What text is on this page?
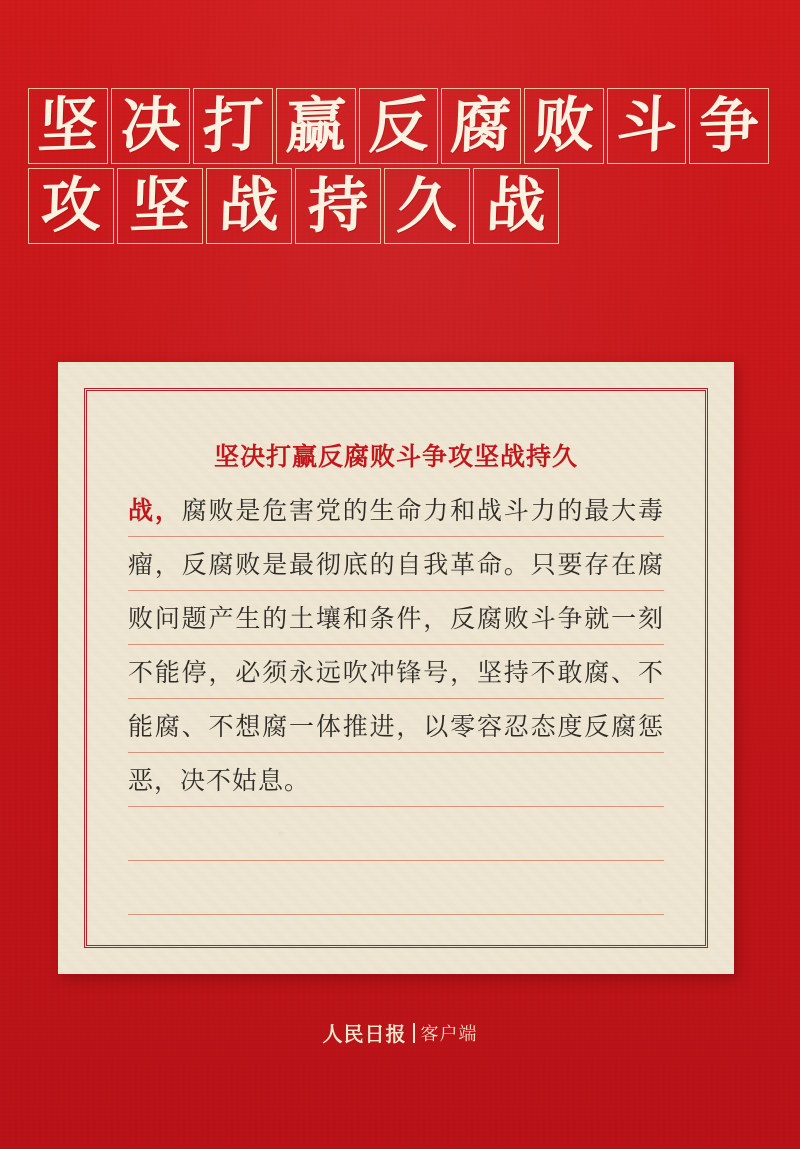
坚 决 打 赢 反 腐 败 斗 争
攻 坚 战 持 久 战
坚决打赢反腐败斗争攻坚战持久
战，腐败是危害党的生命力和战斗力的最大毒瘤，反腐败是最彻底的自我革命。只要存在腐败问题产生的土壤和条件，反腐败斗争就一刻不能停，必须永远吹冲锋号，坚持不敢腐、不能腐、不想腐一体推进，以零容忍态度反腐惩恶，决不姑息。
人民日报 客户端
